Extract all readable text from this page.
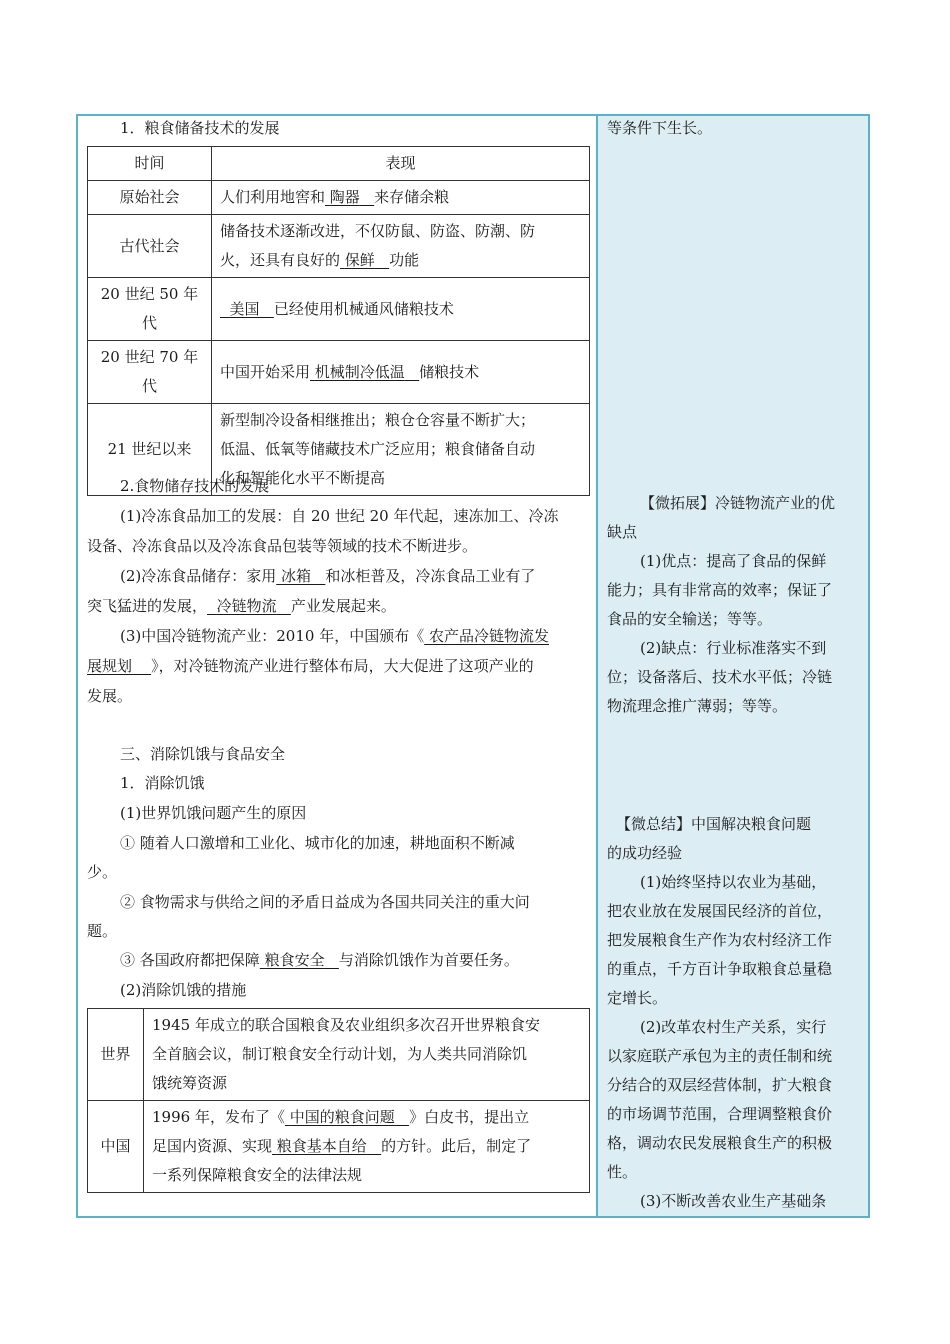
1．粮食储备技术的发展
时间	表现
原始社会	人们利用地窖和 陶器 来存储余粮
古代社会	储备技术逐渐改进，不仅防鼠、防盗、防潮、防
火，还具有良好的 保鲜 功能

20 世纪 50 年
代	美国 已经使用机械通风储粮技术

20 世纪 70 年
代	中国开始采用 机械制冷低温 储粮技术
21 世纪以来	新型制冷设备相继推出；粮仓仓容量不断扩大；
低温、低氧等储藏技术广泛应用；粮食储备自动
化和智能化水平不断提高
2.食物储存技术的发展
(1)冷冻食品加工的发展：自 20 世纪 20 年代起，速冻加工、冷冻
设备、冷冻食品以及冷冻食品包装等领域的技术不断进步。
(2)冷冻食品储存：家用 冰箱 和冰柜普及，冷冻食品工业有了
突飞猛进的发展， 冷链物流 产业发展起来。
(3)中国冷链物流产业：2010 年，中国颁布《 农产品冷链物流发
展规划 》，对冷链物流产业进行整体布局，大大促进了这项产业的
发展。
三、消除饥饿与食品安全
1．消除饥饿
(1)世界饥饿问题产生的原因
① 随着人口激增和工业化、城市化的加速，耕地面积不断减
少。
② 食物需求与供给之间的矛盾日益成为各国共同关注的重大问
题。
③ 各国政府都把保障 粮食安全 与消除饥饿作为首要任务。
(2)消除饥饿的措施
世界	1945 年成立的联合国粮食及农业组织多次召开世界粮食安
全首脑会议，制订粮食安全行动计划，为人类共同消除饥
饿统筹资源

中国	1996 年，发布了《 中国的粮食问题 》白皮书，提出立
足国内资源、实现 粮食基本自给 的方针。此后，制定了
一系列保障粮食安全的法律法规
等条件下生长。
【微拓展】冷链物流产业的优
缺点
(1)优点：提高了食品的保鲜
能力；具有非常高的效率；保证了
食品的安全输送；等等。
(2)缺点：行业标准落实不到
位；设备落后、技术水平低；冷链
物流理念推广薄弱；等等。
【微总结】中国解决粮食问题
的成功经验
(1)始终坚持以农业为基础，
把农业放在发展国民经济的首位，
把发展粮食生产作为农村经济工作
的重点，千方百计争取粮食总量稳
定增长。
(2)改革农村生产关系，实行
以家庭联产承包为主的责任制和统
分结合的双层经营体制，扩大粮食
的市场调节范围，合理调整粮食价
格，调动农民发展粮食生产的积极
性。
(3)不断改善农业生产基础条
